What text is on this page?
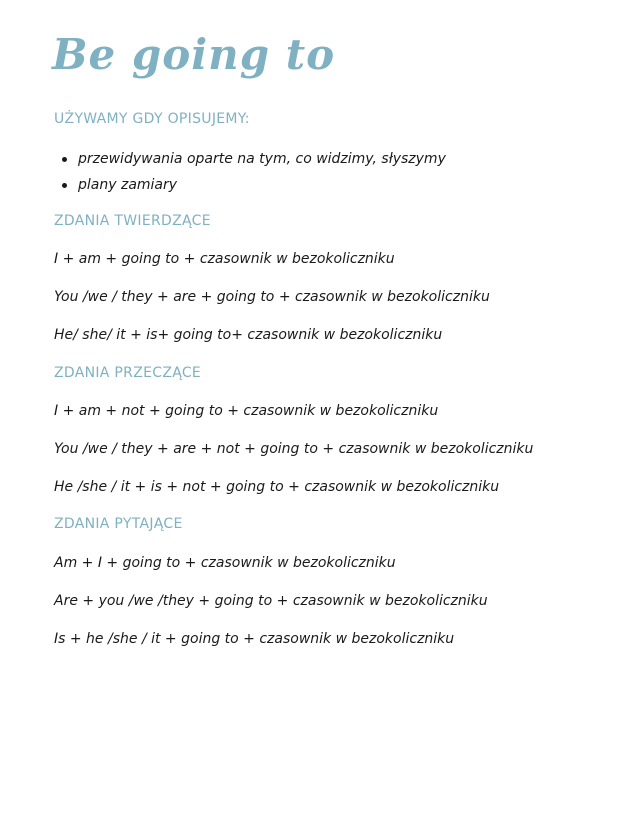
Be going to
UŻYWAMY GDY OPISUJEMY:
przewidywania oparte na tym, co widzimy, słyszymy
plany zamiary
ZDANIA TWIERDZĄCE
I + am + going to + czasownik w bezokoliczniku
You /we / they + are + going to + czasownik w bezokoliczniku
He/ she/ it + is+ going to+ czasownik w bezokoliczniku
ZDANIA PRZECZĄCE
I + am + not + going to + czasownik w bezokoliczniku
You /we / they + are + not + going to + czasownik w bezokoliczniku
He /she / it + is + not + going to + czasownik w bezokoliczniku
ZDANIA PYTAJĄCE
Am + I + going to + czasownik w bezokoliczniku
Are + you /we /they + going to + czasownik w bezokoliczniku
Is + he /she / it + going to + czasownik w bezokoliczniku
